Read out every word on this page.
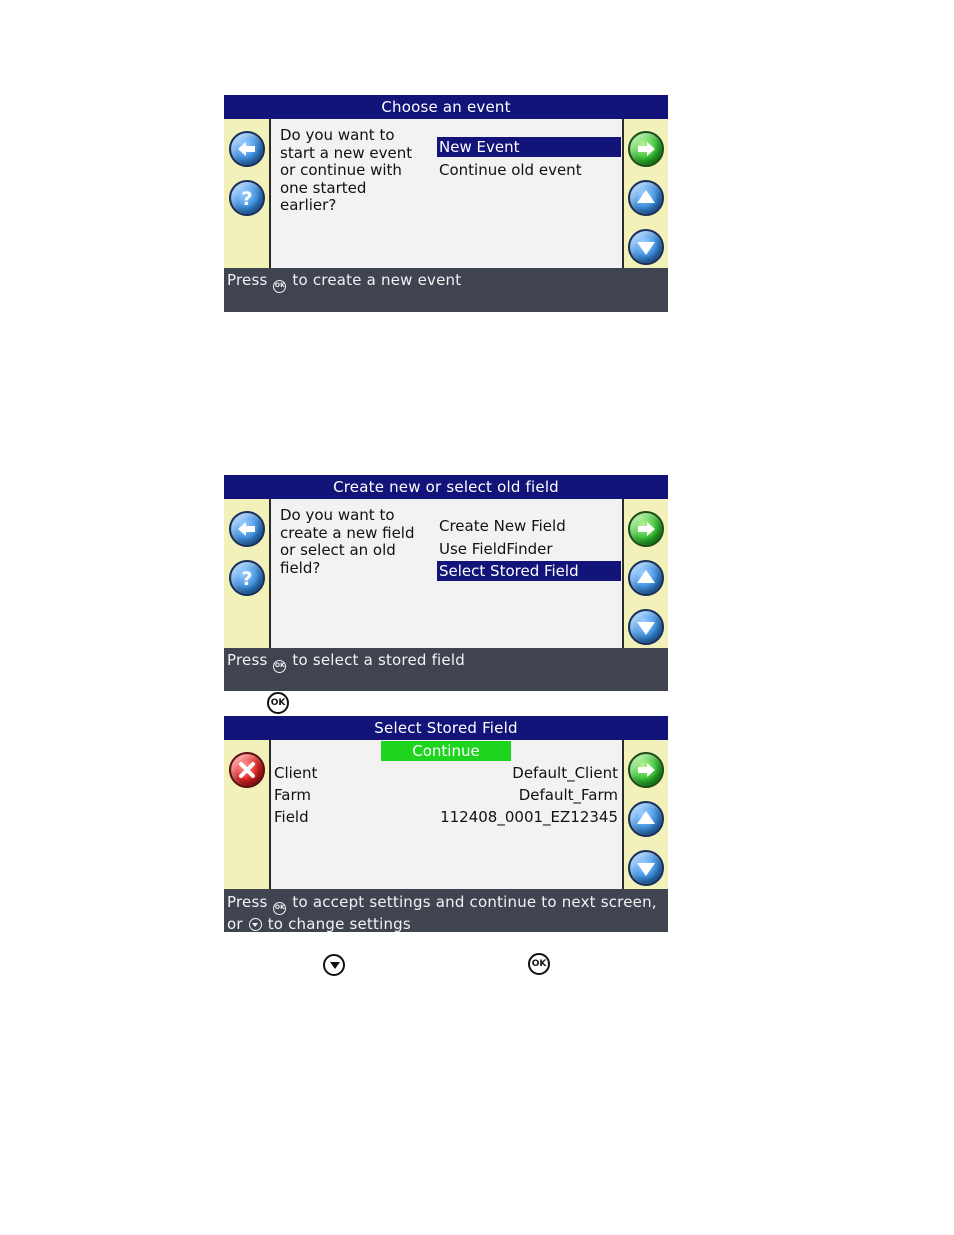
Choose an event
?
Do you want to start a new event or continue with one started earlier?
New Event
Continue old event
Press OK to create a new event
Create new or select old field
?
Do you want to create a new field or select an old field?
Create New Field
Use FieldFinder
Select Stored Field
Press OK to select a stored field
OK
Select Stored Field
Continue
Client	Default_Client
Farm	Default_Farm
Field	112408_0001_EZ12345
Press OK to accept settings and continue to next screen, or to change settings
OK
